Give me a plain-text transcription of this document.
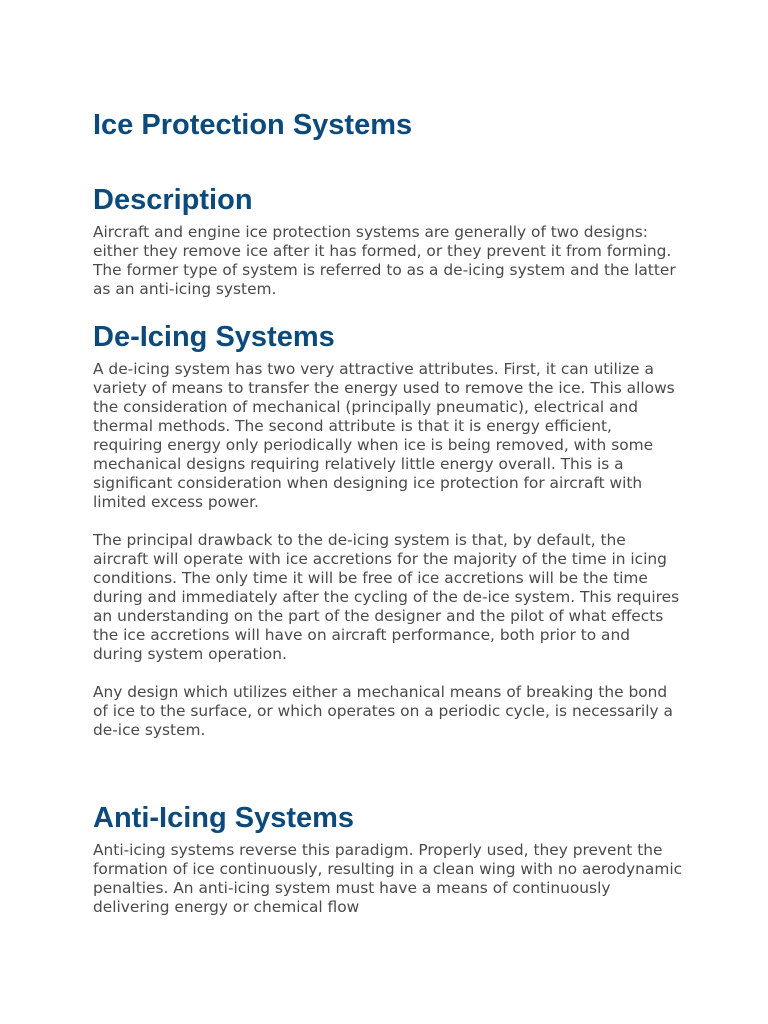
Ice Protection Systems
Description

Aircraft and engine ice protection systems are generally of two designs: either they remove ice after it has formed, or they prevent it from forming. The former type of system is referred to as a de-icing system and the latter as an anti-icing system.

De-Icing Systems

A de-icing system has two very attractive attributes. First, it can utilize a variety of means to transfer the energy used to remove the ice. This allows the consideration of mechanical (principally pneumatic), electrical and thermal methods. The second attribute is that it is energy efficient, requiring energy only periodically when ice is being removed, with some mechanical designs requiring relatively little energy overall. This is a significant consideration when designing ice protection for aircraft with limited excess power.

The principal drawback to the de-icing system is that, by default, the aircraft will operate with ice accretions for the majority of the time in icing conditions. The only time it will be free of ice accretions will be the time during and immediately after the cycling of the de-ice system. This requires an understanding on the part of the designer and the pilot of what effects the ice accretions will have on aircraft performance, both prior to and during system operation.

Any design which utilizes either a mechanical means of breaking the bond of ice to the surface, or which operates on a periodic cycle, is necessarily a de-ice system.

Anti-Icing Systems

Anti-icing systems reverse this paradigm. Properly used, they prevent the formation of ice continuously, resulting in a clean wing with no aerodynamic penalties. An anti-icing system must have a means of continuously delivering energy or chemical flow
